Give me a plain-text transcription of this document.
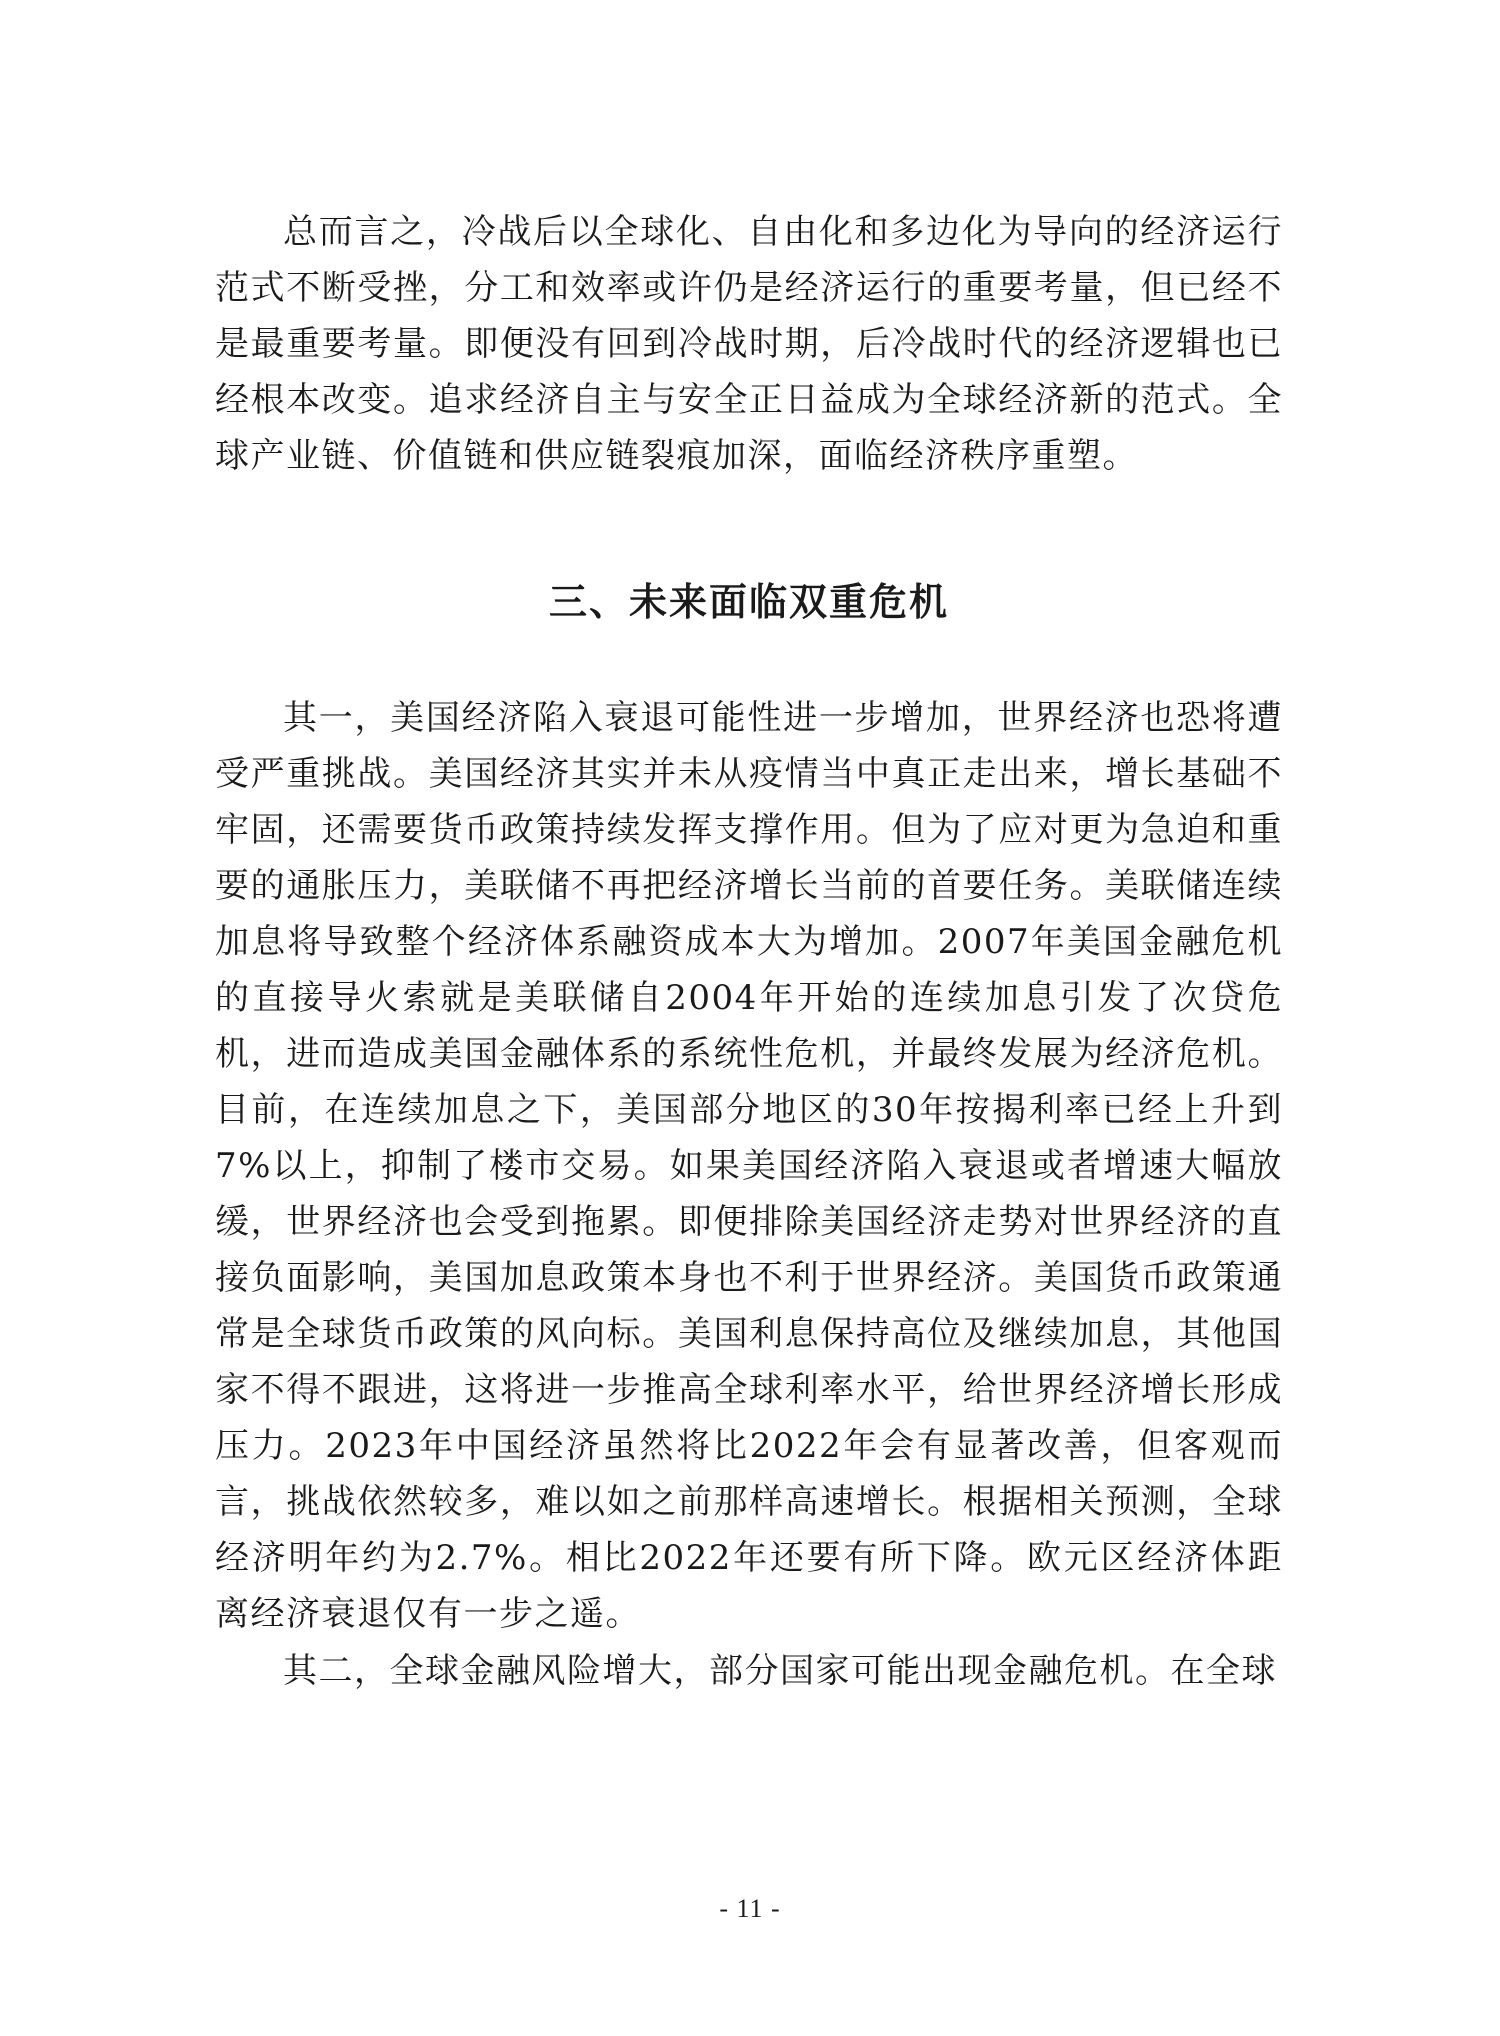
总而言之，冷战后以全球化、自由化和多边化为导向的经济运行范式不断受挫，分工和效率或许仍是经济运行的重要考量，但已经不是最重要考量。即便没有回到冷战时期，后冷战时代的经济逻辑也已经根本改变。追求经济自主与安全正日益成为全球经济新的范式。全球产业链、价值链和供应链裂痕加深，面临经济秩序重塑。

三、未来面临双重危机

其一，美国经济陷入衰退可能性进一步增加，世界经济也恐将遭受严重挑战。美国经济其实并未从疫情当中真正走出来，增长基础不牢固，还需要货币政策持续发挥支撑作用。但为了应对更为急迫和重要的通胀压力，美联储不再把经济增长当前的首要任务。美联储连续加息将导致整个经济体系融资成本大为增加。2007年美国金融危机的直接导火索就是美联储自2004年开始的连续加息引发了次贷危机，进而造成美国金融体系的系统性危机，并最终发展为经济危机。目前，在连续加息之下，美国部分地区的30年按揭利率已经上升到7%以上，抑制了楼市交易。如果美国经济陷入衰退或者增速大幅放缓，世界经济也会受到拖累。即便排除美国经济走势对世界经济的直接负面影响，美国加息政策本身也不利于世界经济。美国货币政策通常是全球货币政策的风向标。美国利息保持高位及继续加息，其他国家不得不跟进，这将进一步推高全球利率水平，给世界经济增长形成压力。2023年中国经济虽然将比2022年会有显著改善，但客观而言，挑战依然较多，难以如之前那样高速增长。根据相关预测，全球经济明年约为2.7%。相比2022年还要有所下降。欧元区经济体距离经济衰退仅有一步之遥。

其二，全球金融风险增大，部分国家可能出现金融危机。在全球

- 11 -
